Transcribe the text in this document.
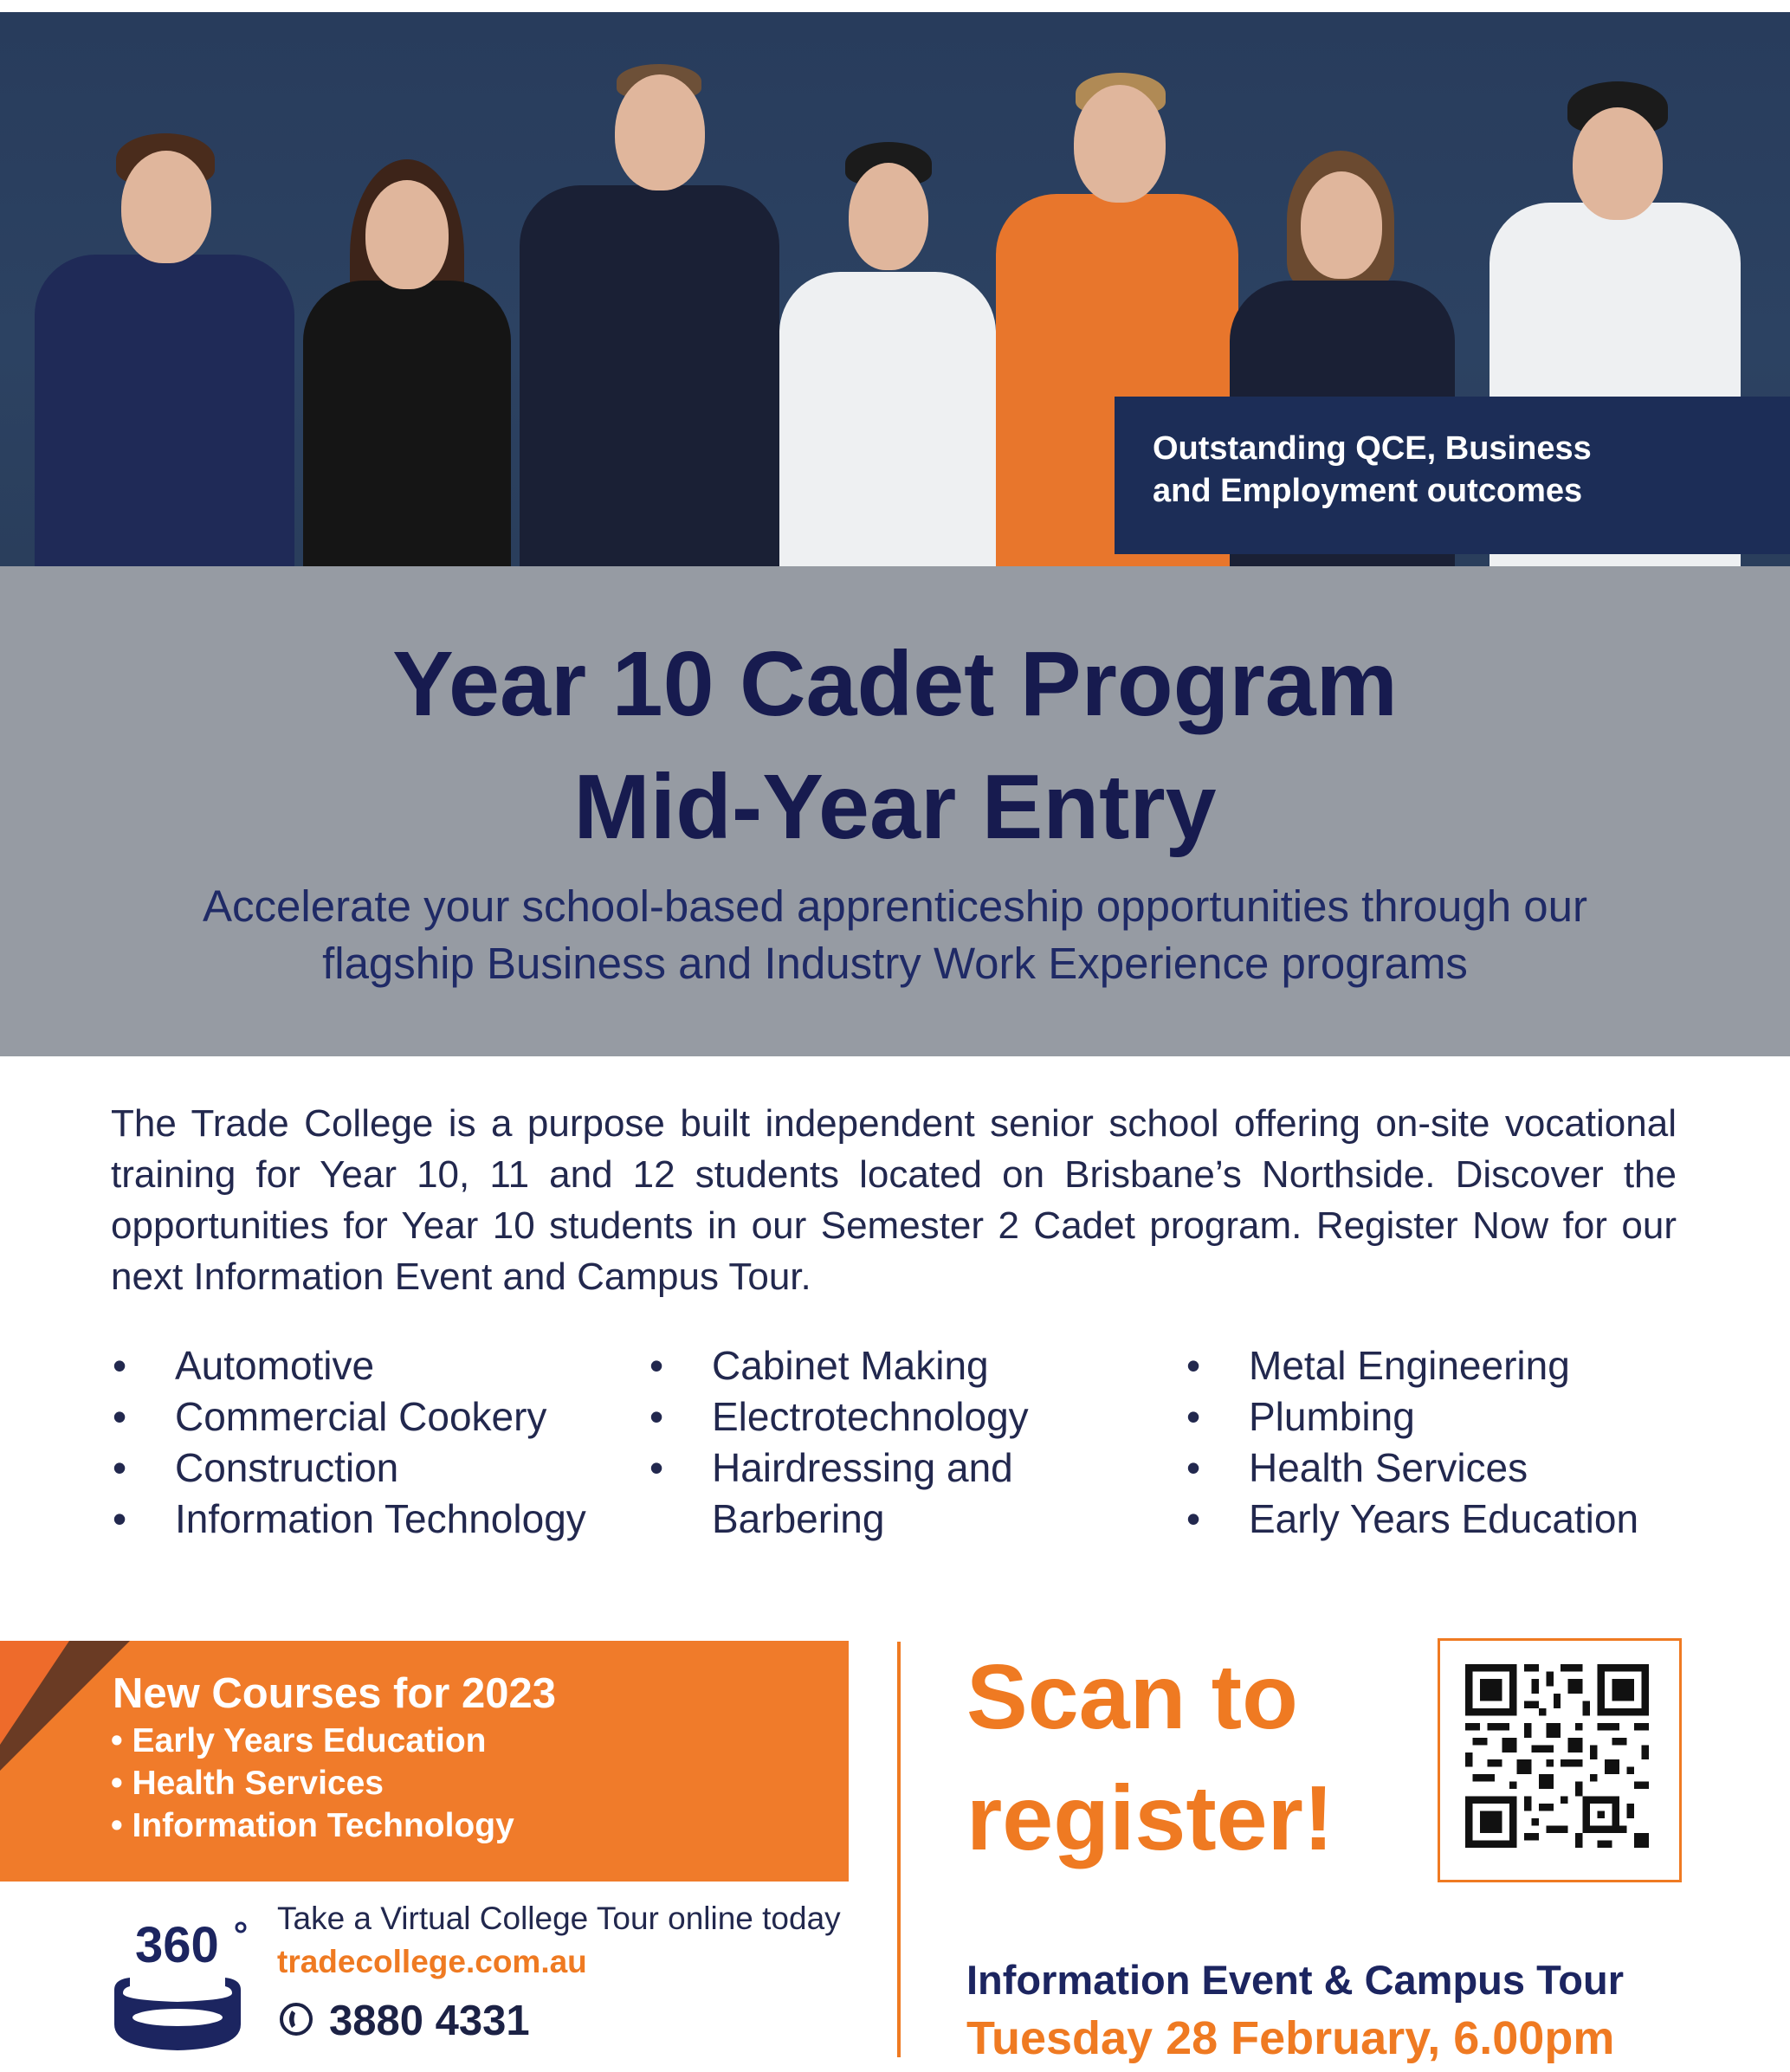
Outstanding QCE, Business
and Employment outcomes
Year 10 Cadet Program
Mid-Year Entry
Accelerate your school-based apprenticeship opportunities through our
flagship Business and Industry Work Experience programs
The Trade College is a purpose built independent senior school offering on-site vocational training for Year 10, 11 and 12 students located on Brisbane’s Northside. Discover the opportunities for Year 10 students in our Semester 2 Cadet program. Register Now for our next Information Event and Campus Tour.
• Automotive
• Commercial Cookery
• Construction
• Information Technology
• Cabinet Making
• Electrotechnology
• Hairdressing and
Barbering
• Metal Engineering
• Plumbing
• Health Services
• Early Years Education
New Courses for 2023
• Early Years Education
• Health Services
• Information Technology
360 Take a Virtual College Tour online today
tradecollege.com.au
3880 4331
Scan to
register!
Information Event & Campus Tour
Tuesday 28 February, 6.00pm
